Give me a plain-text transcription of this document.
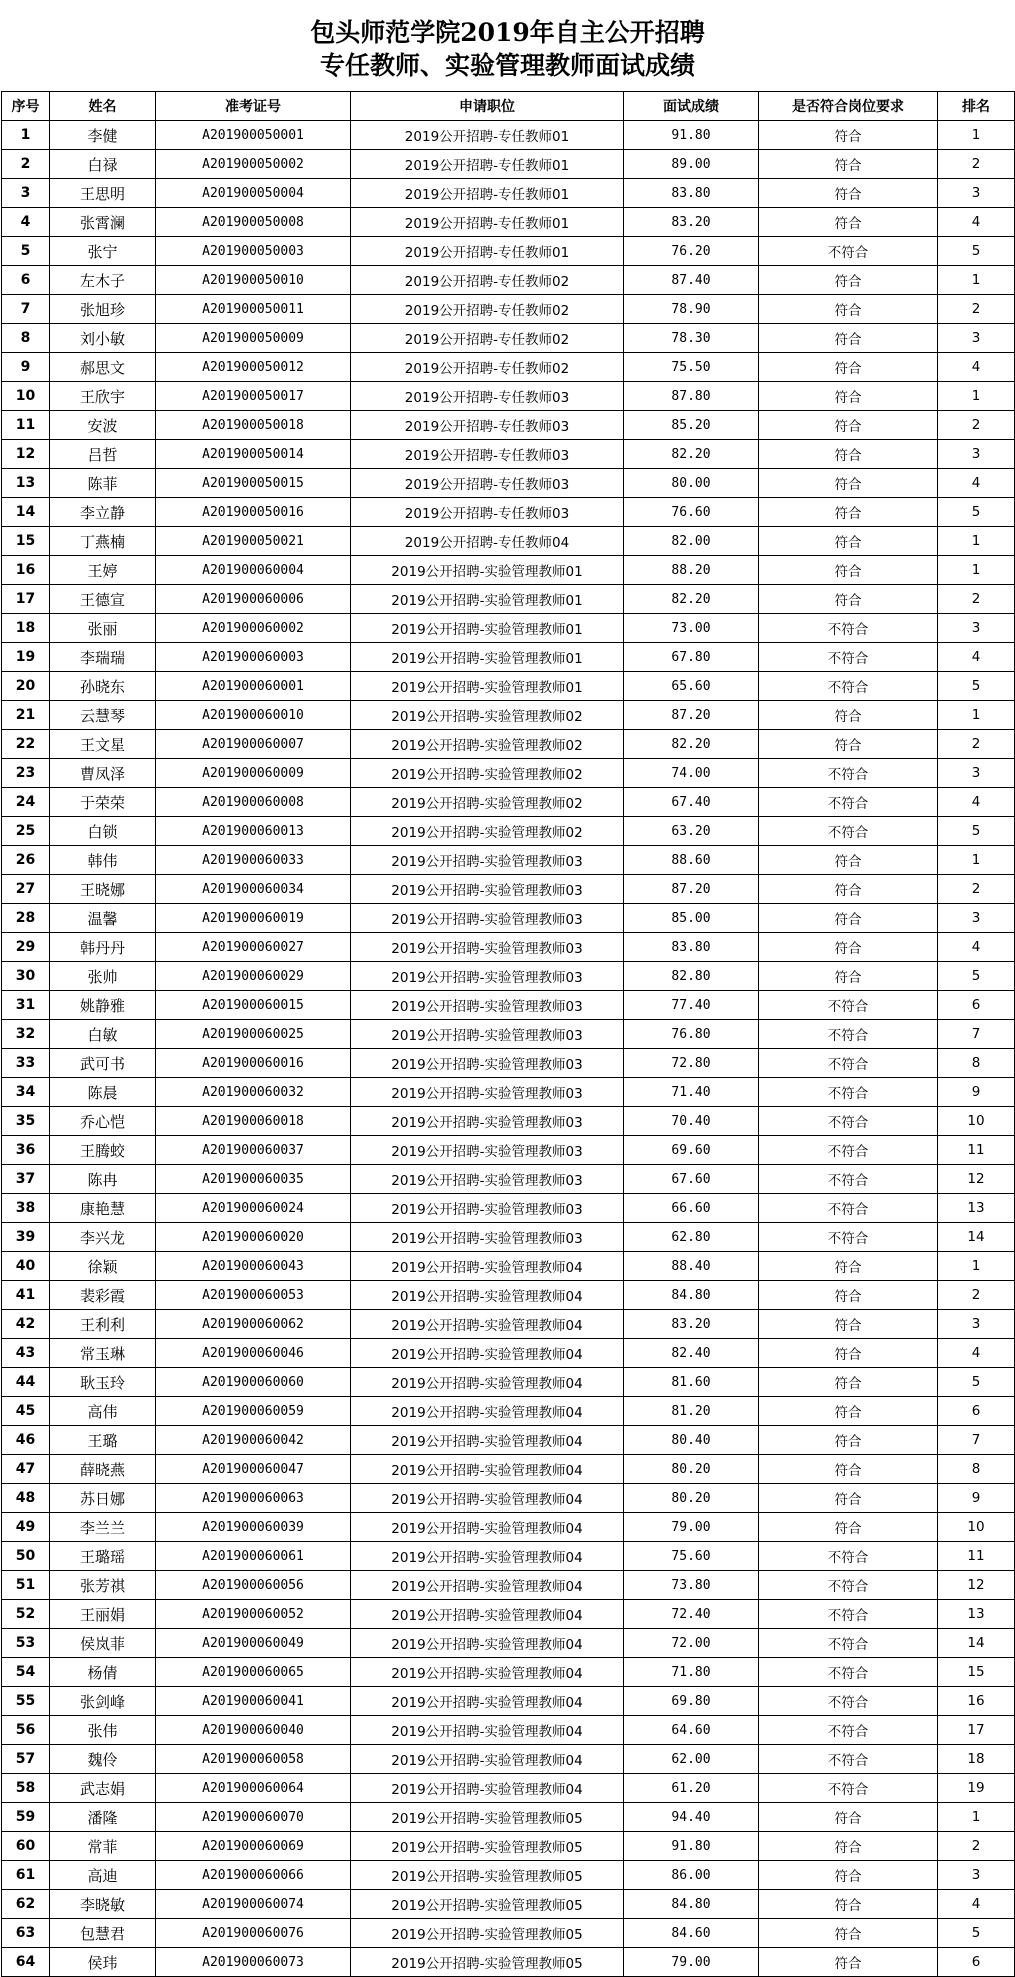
包头师范学院2019年自主公开招聘
专任教师、实验管理教师面试成绩
序号	姓名	准考证号	申请职位	面试成绩	是否符合岗位要求	排名
1	李健	A201900050001	2019公开招聘-专任教师01	91.80	符合	1
2	白禄	A201900050002	2019公开招聘-专任教师01	89.00	符合	2
3	王思明	A201900050004	2019公开招聘-专任教师01	83.80	符合	3
4	张霄澜	A201900050008	2019公开招聘-专任教师01	83.20	符合	4
5	张宁	A201900050003	2019公开招聘-专任教师01	76.20	不符合	5
6	左木子	A201900050010	2019公开招聘-专任教师02	87.40	符合	1
7	张旭珍	A201900050011	2019公开招聘-专任教师02	78.90	符合	2
8	刘小敏	A201900050009	2019公开招聘-专任教师02	78.30	符合	3
9	郝思文	A201900050012	2019公开招聘-专任教师02	75.50	符合	4
10	王欣宇	A201900050017	2019公开招聘-专任教师03	87.80	符合	1
11	安波	A201900050018	2019公开招聘-专任教师03	85.20	符合	2
12	吕哲	A201900050014	2019公开招聘-专任教师03	82.20	符合	3
13	陈菲	A201900050015	2019公开招聘-专任教师03	80.00	符合	4
14	李立静	A201900050016	2019公开招聘-专任教师03	76.60	符合	5
15	丁燕楠	A201900050021	2019公开招聘-专任教师04	82.00	符合	1
16	王婷	A201900060004	2019公开招聘-实验管理教师01	88.20	符合	1
17	王德宣	A201900060006	2019公开招聘-实验管理教师01	82.20	符合	2
18	张丽	A201900060002	2019公开招聘-实验管理教师01	73.00	不符合	3
19	李瑞瑞	A201900060003	2019公开招聘-实验管理教师01	67.80	不符合	4
20	孙晓东	A201900060001	2019公开招聘-实验管理教师01	65.60	不符合	5
21	云慧琴	A201900060010	2019公开招聘-实验管理教师02	87.20	符合	1
22	王文星	A201900060007	2019公开招聘-实验管理教师02	82.20	符合	2
23	曹凤泽	A201900060009	2019公开招聘-实验管理教师02	74.00	不符合	3
24	于荣荣	A201900060008	2019公开招聘-实验管理教师02	67.40	不符合	4
25	白锁	A201900060013	2019公开招聘-实验管理教师02	63.20	不符合	5
26	韩伟	A201900060033	2019公开招聘-实验管理教师03	88.60	符合	1
27	王晓娜	A201900060034	2019公开招聘-实验管理教师03	87.20	符合	2
28	温馨	A201900060019	2019公开招聘-实验管理教师03	85.00	符合	3
29	韩丹丹	A201900060027	2019公开招聘-实验管理教师03	83.80	符合	4
30	张帅	A201900060029	2019公开招聘-实验管理教师03	82.80	符合	5
31	姚静雅	A201900060015	2019公开招聘-实验管理教师03	77.40	不符合	6
32	白敏	A201900060025	2019公开招聘-实验管理教师03	76.80	不符合	7
33	武可书	A201900060016	2019公开招聘-实验管理教师03	72.80	不符合	8
34	陈晨	A201900060032	2019公开招聘-实验管理教师03	71.40	不符合	9
35	乔心恺	A201900060018	2019公开招聘-实验管理教师03	70.40	不符合	10
36	王腾蛟	A201900060037	2019公开招聘-实验管理教师03	69.60	不符合	11
37	陈冉	A201900060035	2019公开招聘-实验管理教师03	67.60	不符合	12
38	康艳慧	A201900060024	2019公开招聘-实验管理教师03	66.60	不符合	13
39	李兴龙	A201900060020	2019公开招聘-实验管理教师03	62.80	不符合	14
40	徐颖	A201900060043	2019公开招聘-实验管理教师04	88.40	符合	1
41	裴彩霞	A201900060053	2019公开招聘-实验管理教师04	84.80	符合	2
42	王利利	A201900060062	2019公开招聘-实验管理教师04	83.20	符合	3
43	常玉琳	A201900060046	2019公开招聘-实验管理教师04	82.40	符合	4
44	耿玉玲	A201900060060	2019公开招聘-实验管理教师04	81.60	符合	5
45	高伟	A201900060059	2019公开招聘-实验管理教师04	81.20	符合	6
46	王璐	A201900060042	2019公开招聘-实验管理教师04	80.40	符合	7
47	薛晓燕	A201900060047	2019公开招聘-实验管理教师04	80.20	符合	8
48	苏日娜	A201900060063	2019公开招聘-实验管理教师04	80.20	符合	9
49	李兰兰	A201900060039	2019公开招聘-实验管理教师04	79.00	符合	10
50	王璐瑶	A201900060061	2019公开招聘-实验管理教师04	75.60	不符合	11
51	张芳祺	A201900060056	2019公开招聘-实验管理教师04	73.80	不符合	12
52	王丽娟	A201900060052	2019公开招聘-实验管理教师04	72.40	不符合	13
53	侯岚菲	A201900060049	2019公开招聘-实验管理教师04	72.00	不符合	14
54	杨倩	A201900060065	2019公开招聘-实验管理教师04	71.80	不符合	15
55	张剑峰	A201900060041	2019公开招聘-实验管理教师04	69.80	不符合	16
56	张伟	A201900060040	2019公开招聘-实验管理教师04	64.60	不符合	17
57	魏伶	A201900060058	2019公开招聘-实验管理教师04	62.00	不符合	18
58	武志娟	A201900060064	2019公开招聘-实验管理教师04	61.20	不符合	19
59	潘隆	A201900060070	2019公开招聘-实验管理教师05	94.40	符合	1
60	常菲	A201900060069	2019公开招聘-实验管理教师05	91.80	符合	2
61	高迪	A201900060066	2019公开招聘-实验管理教师05	86.00	符合	3
62	李晓敏	A201900060074	2019公开招聘-实验管理教师05	84.80	符合	4
63	包慧君	A201900060076	2019公开招聘-实验管理教师05	84.60	符合	5
64	侯玮	A201900060073	2019公开招聘-实验管理教师05	79.00	符合	6
